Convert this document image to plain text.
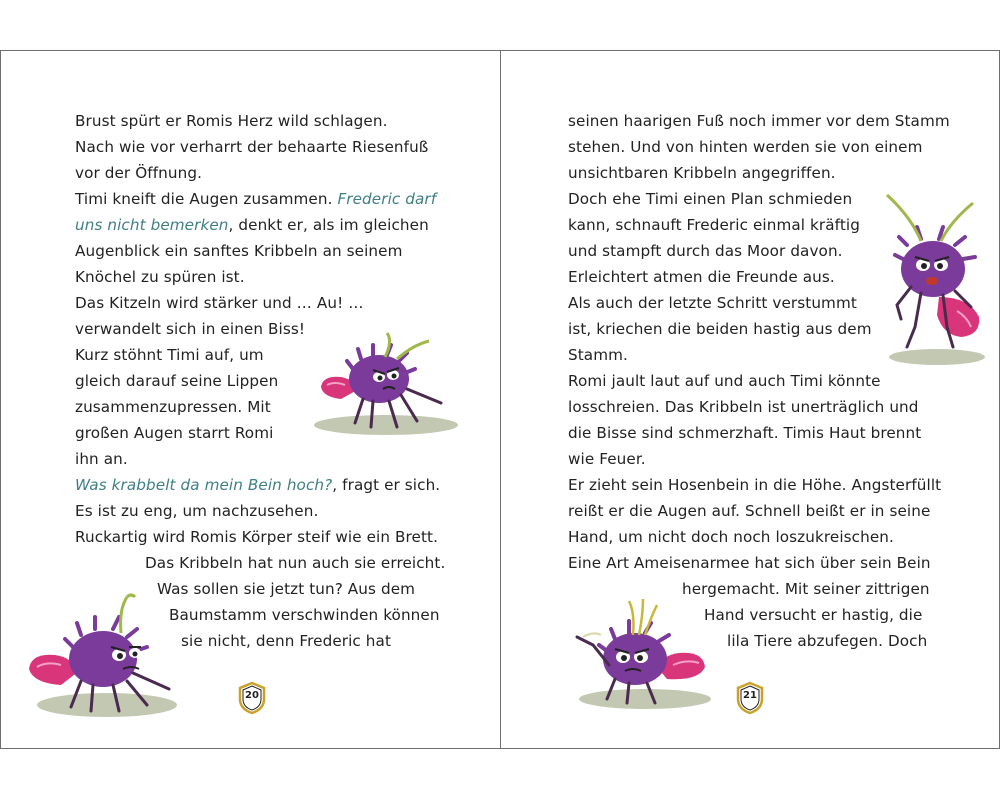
Brust spürt er Romis Herz wild schlagen.
Nach wie vor verharrt der behaarte Riesenfuß
vor der Öffnung.
Timi kneift die Augen zusammen. Frederic darf
uns nicht bemerken, denkt er, als im gleichen
Augenblick ein sanftes Kribbeln an seinem
Knöchel zu spüren ist.
Das Kitzeln wird stärker und … Au! …
verwandelt sich in einen Biss!
Kurz stöhnt Timi auf, um
gleich darauf seine Lippen
zusammenzupressen. Mit
großen Augen starrt Romi
ihn an.
Was krabbelt da mein Bein hoch?, fragt er sich.
Es ist zu eng, um nachzusehen.
Ruckartig wird Romis Körper steif wie ein Brett.
Das Kribbeln hat nun auch sie erreicht.
Was sollen sie jetzt tun? Aus dem
Baumstamm verschwinden können
sie nicht, denn Frederic hat
20
seinen haarigen Fuß noch immer vor dem Stamm
stehen. Und von hinten werden sie von einem
unsichtbaren Kribbeln angegriffen.
Doch ehe Timi einen Plan schmieden
kann, schnauft Frederic einmal kräftig
und stampft durch das Moor davon.
Erleichtert atmen die Freunde aus.
Als auch der letzte Schritt verstummt
ist, kriechen die beiden hastig aus dem
Stamm.
Romi jault laut auf und auch Timi könnte
losschreien. Das Kribbeln ist unerträglich und
die Bisse sind schmerzhaft. Timis Haut brennt
wie Feuer.
Er zieht sein Hosenbein in die Höhe. Angsterfüllt
reißt er die Augen auf. Schnell beißt er in seine
Hand, um nicht doch noch loszukreischen.
Eine Art Ameisenarmee hat sich über sein Bein
hergemacht. Mit seiner zittrigen
Hand versucht er hastig, die
lila Tiere abzufegen. Doch
21
